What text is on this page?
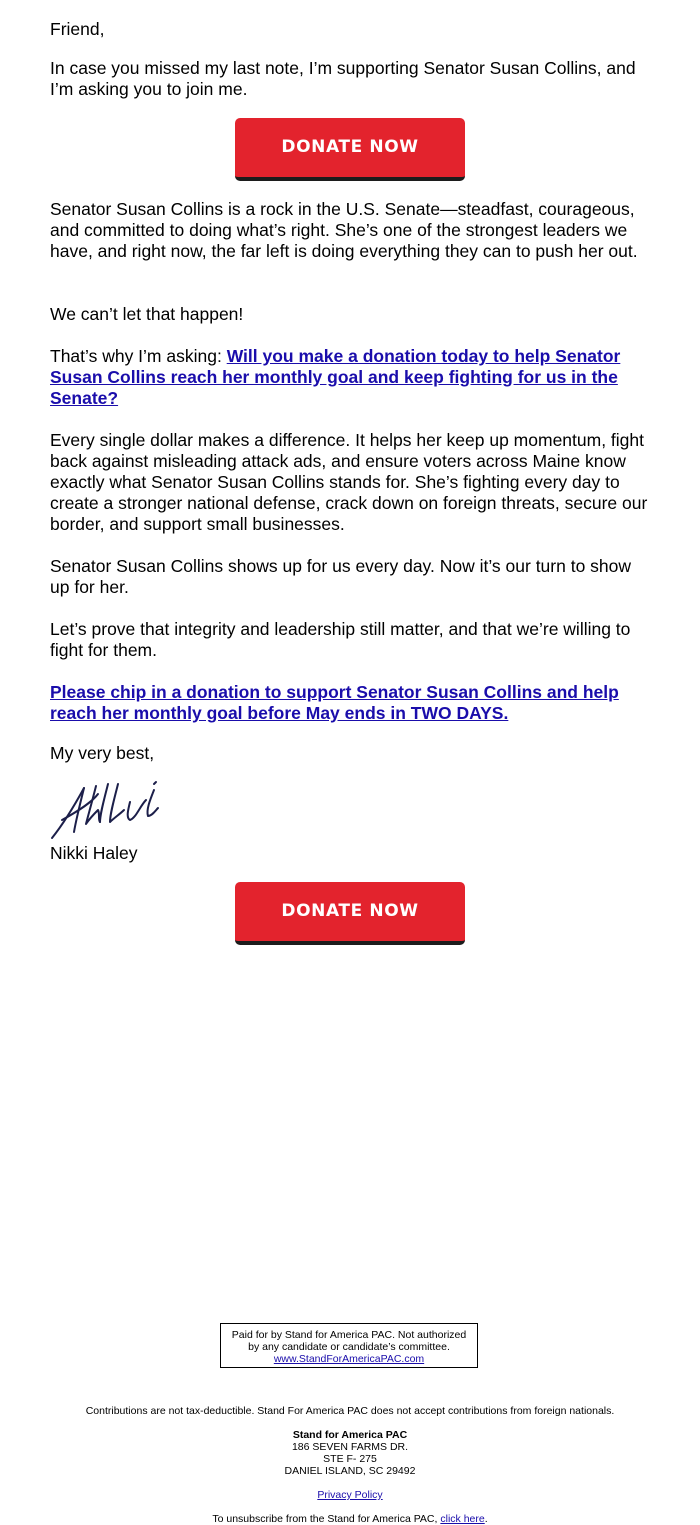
Friend,

In case you missed my last note, I’m supporting Senator Susan Collins, and I’m asking you to join me.

Senator Susan Collins is a rock in the U.S. Senate—steadfast, courageous, and committed to doing what’s right. She’s one of the strongest leaders we have, and right now, the far left is doing everything they can to push her out.

We can’t let that happen!

That’s why I’m asking: Will you make a donation today to help Senator Susan Collins reach her monthly goal and keep fighting for us in the Senate?

Every single dollar makes a difference. It helps her keep up momentum, fight back against misleading attack ads, and ensure voters across Maine know exactly what Senator Susan Collins stands for. She’s fighting every day to create a stronger national defense, crack down on foreign threats, secure our border, and support small businesses.

Senator Susan Collins shows up for us every day. Now it’s our turn to show up for her.

Let’s prove that integrity and leadership still matter, and that we’re willing to fight for them.

Please chip in a donation to support Senator Susan Collins and help reach her monthly goal before May ends in TWO DAYS.

My very best,

Nikki Haley

DONATE NOW
DONATE NOW
Paid for by Stand for America PAC. Not authorized
by any candidate or candidate’s committee.
www.StandForAmericaPAC.com
Contributions are not tax-deductible. Stand For America PAC does not accept contributions from foreign nationals.
Stand for America PAC
186 SEVEN FARMS DR.
STE F- 275
DANIEL ISLAND, SC 29492
Privacy Policy
To unsubscribe from the Stand for America PAC, click here.
